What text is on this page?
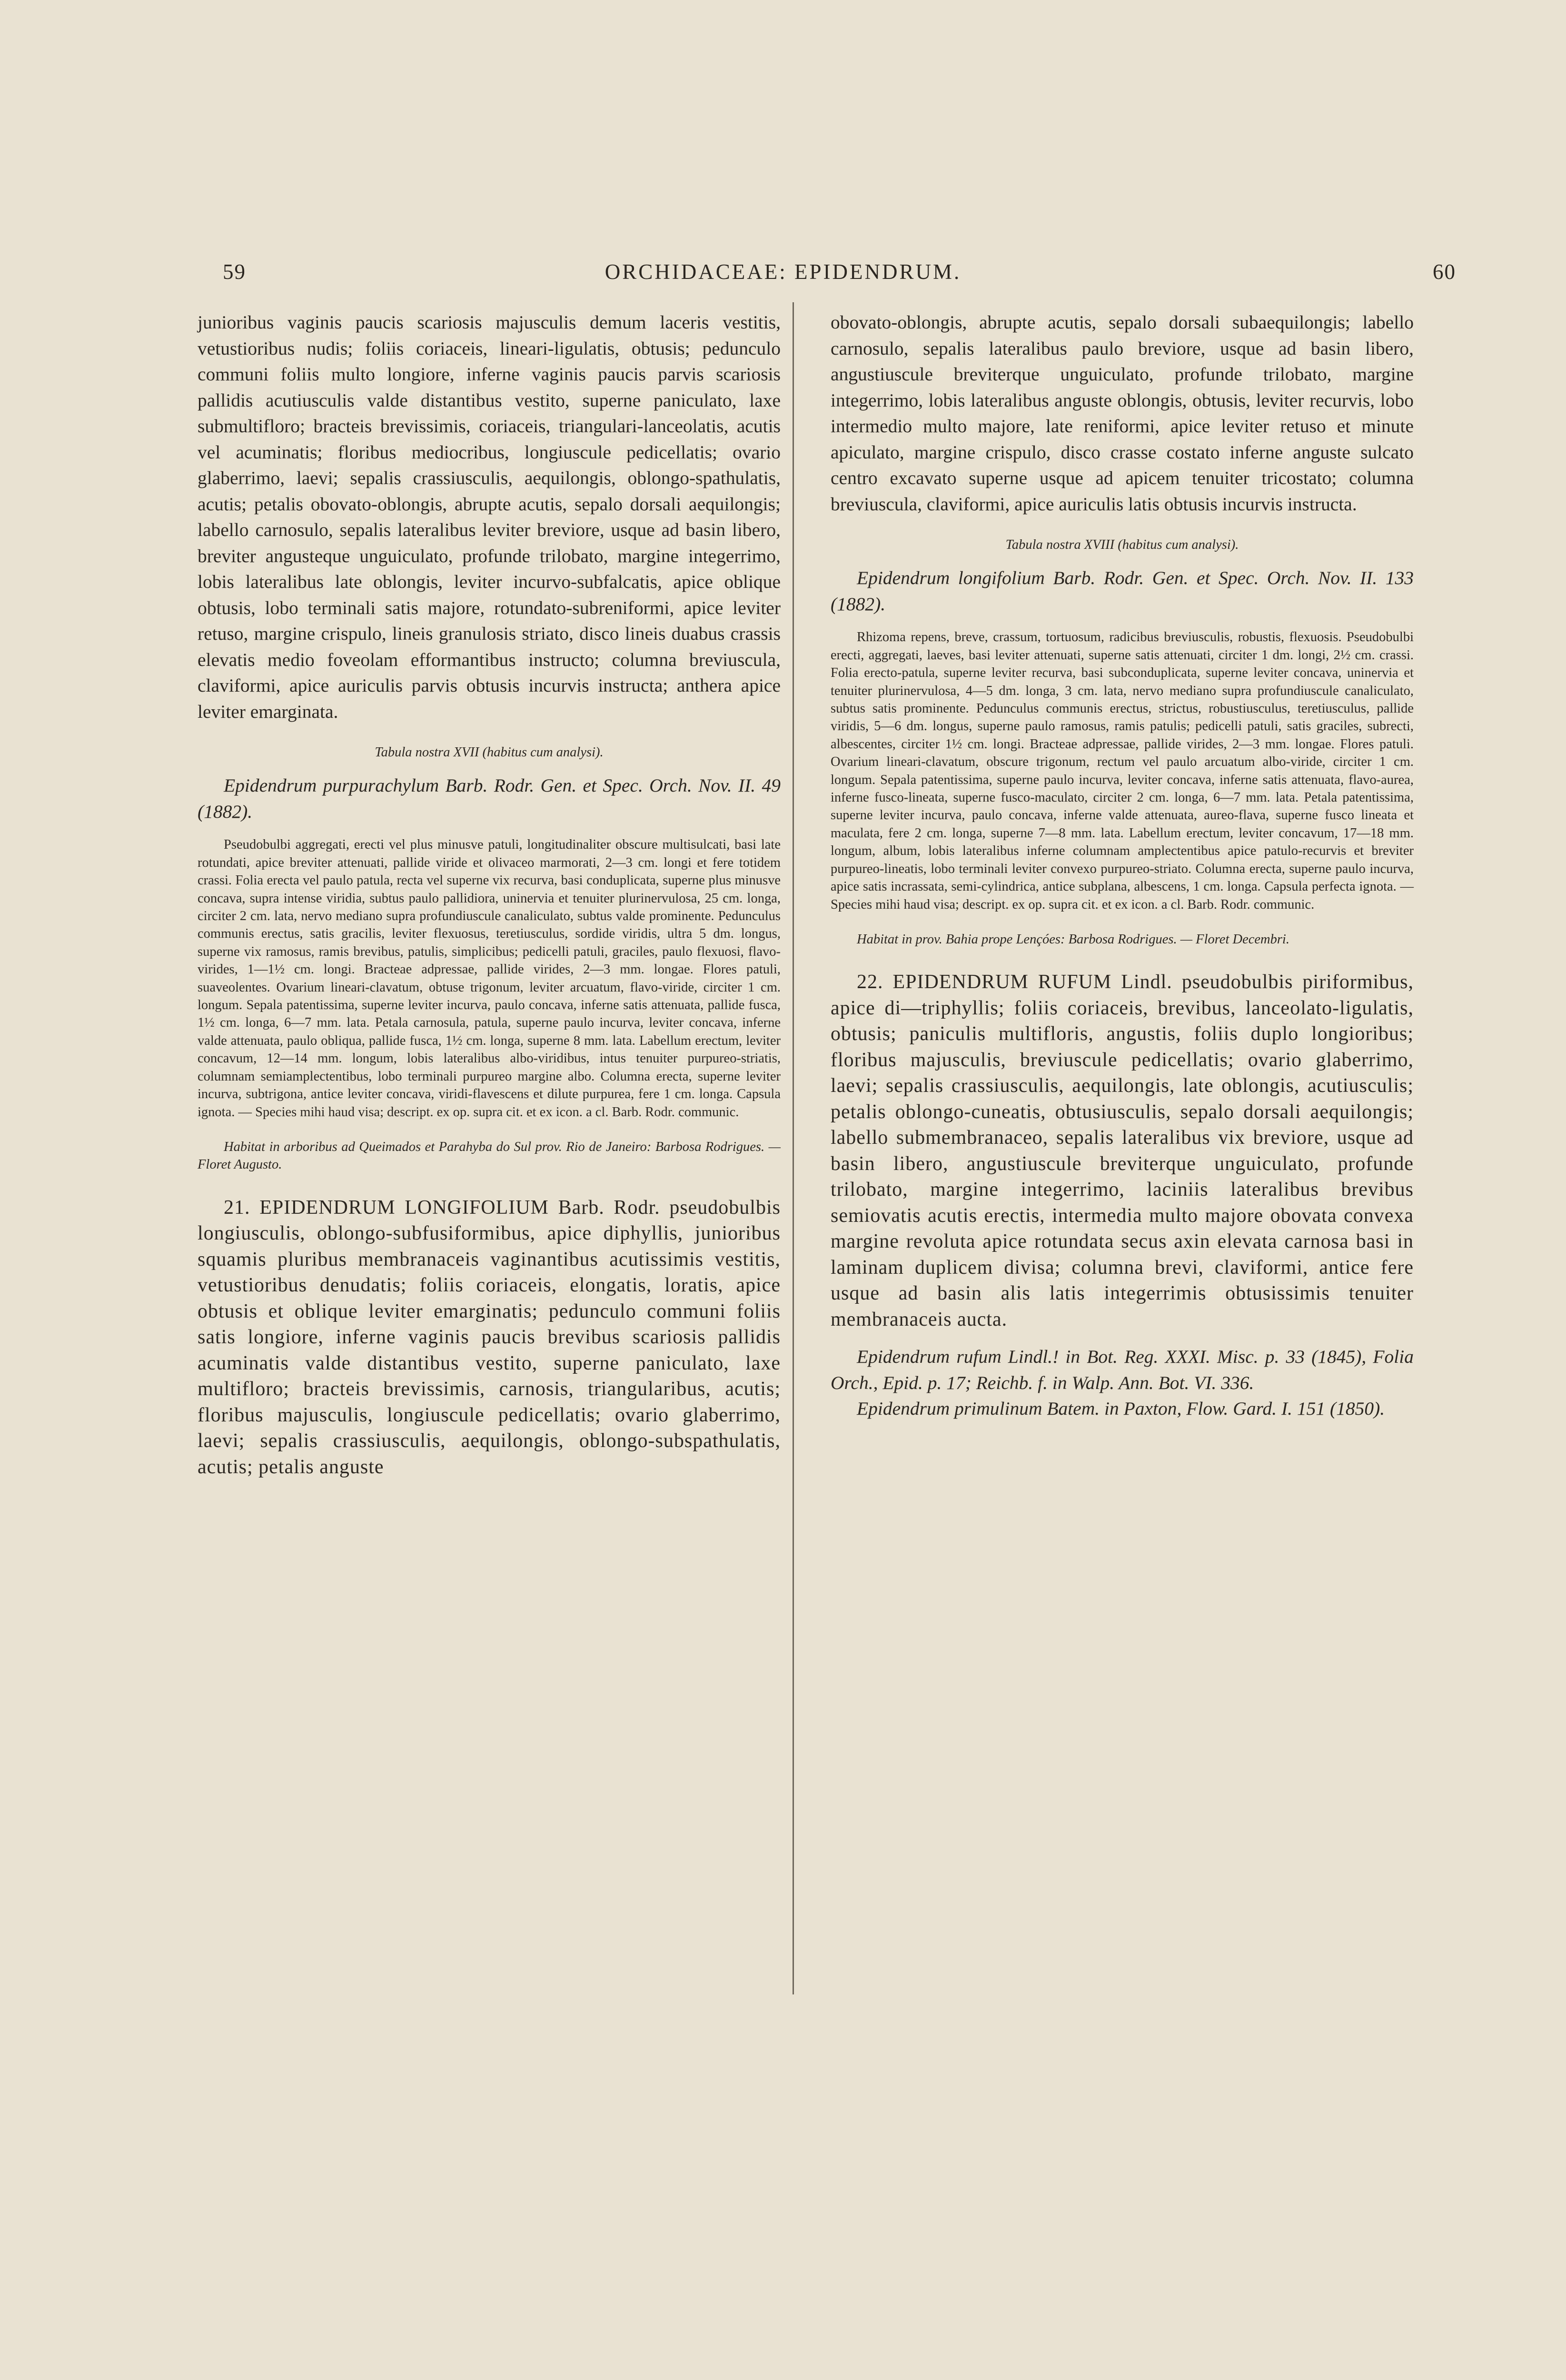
59	ORCHIDACEAE: EPIDENDRUM.	60

junioribus vaginis paucis scariosis majusculis demum laceris vestitis, vetustioribus nudis; foliis coriaceis, lineari-ligulatis, obtusis; pedunculo communi foliis multo longiore, inferne vaginis paucis parvis scariosis pallidis acutiusculis valde distantibus vestito, superne paniculato, laxe submultifloro; bracteis brevissimis, coriaceis, triangulari-lanceolatis, acutis vel acuminatis; floribus mediocribus, longiuscule pedicellatis; ovario glaberrimo, laevi; sepalis crassiusculis, aequilongis, oblongo-spathulatis, acutis; petalis obovato-oblongis, abrupte acutis, sepalo dorsali aequilongis; labello carnosulo, sepalis lateralibus leviter breviore, usque ad basin libero, breviter angusteque unguiculato, profunde trilobato, margine integerrimo, lobis lateralibus late oblongis, leviter incurvo-subfalcatis, apice oblique obtusis, lobo terminali satis majore, rotundato-subreniformi, apice leviter retuso, margine crispulo, lineis granulosis striato, disco lineis duabus crassis elevatis medio foveolam efformantibus instructo; columna breviuscula, claviformi, apice auriculis parvis obtusis incurvis instructa; anthera apice leviter emarginata.

Tabula nostra XVII (habitus cum analysi).

Epidendrum purpurachylum Barb. Rodr. Gen. et Spec. Orch. Nov. II. 49 (1882).

Pseudobulbi aggregati, erecti vel plus minusve patuli, longitudinaliter obscure multisulcati, basi late rotundati, apice breviter attenuati, pallide viride et olivaceo marmorati, 2—3 cm. longi et fere totidem crassi. Folia erecta vel paulo patula, recta vel superne vix recurva, basi conduplicata, superne plus minusve concava, supra intense viridia, subtus paulo pallidiora, uninervia et tenuiter plurinervulosa, 25 cm. longa, circiter 2 cm. lata, nervo mediano supra profundiuscule canaliculato, subtus valde prominente. Pedunculus communis erectus, satis gracilis, leviter flexuosus, teretiusculus, sordide viridis, ultra 5 dm. longus, superne vix ramosus, ramis brevibus, patulis, simplicibus; pedicelli patuli, graciles, paulo flexuosi, flavo-virides, 1—1½ cm. longi. Bracteae adpressae, pallide virides, 2—3 mm. longae. Flores patuli, suaveolentes. Ovarium lineari-clavatum, obtuse trigonum, leviter arcuatum, flavo-viride, circiter 1 cm. longum. Sepala patentissima, superne leviter incurva, paulo concava, inferne satis attenuata, pallide fusca, 1½ cm. longa, 6—7 mm. lata. Petala carnosula, patula, superne paulo incurva, leviter concava, inferne valde attenuata, paulo obliqua, pallide fusca, 1½ cm. longa, superne 8 mm. lata. Labellum erectum, leviter concavum, 12—14 mm. longum, lobis lateralibus albo-viridibus, intus tenuiter purpureo-striatis, columnam semiamplectentibus, lobo terminali purpureo margine albo. Columna erecta, superne leviter incurva, subtrigona, antice leviter concava, viridi-flavescens et dilute purpurea, fere 1 cm. longa. Capsula ignota. — Species mihi haud visa; descript. ex op. supra cit. et ex icon. a cl. Barb. Rodr. communic.

Habitat in arboribus ad Queimados et Parahyba do Sul prov. Rio de Janeiro: Barbosa Rodrigues. — Floret Augusto.

21. EPIDENDRUM LONGIFOLIUM Barb. Rodr. pseudobulbis longiusculis, oblongo-subfusiformibus, apice diphyllis, junioribus squamis pluribus membranaceis vaginantibus acutissimis vestitis, vetustioribus denudatis; foliis coriaceis, elongatis, loratis, apice obtusis et oblique leviter emarginatis; pedunculo communi foliis satis longiore, inferne vaginis paucis brevibus scariosis pallidis acuminatis valde distantibus vestito, superne paniculato, laxe multifloro; bracteis brevissimis, carnosis, triangularibus, acutis; floribus majusculis, longiuscule pedicellatis; ovario glaberrimo, laevi; sepalis crassiusculis, aequilongis, oblongo-subspathulatis, acutis; petalis anguste

obovato-oblongis, abrupte acutis, sepalo dorsali subaequilongis; labello carnosulo, sepalis lateralibus paulo breviore, usque ad basin libero, angustiuscule breviterque unguiculato, profunde trilobato, margine integerrimo, lobis lateralibus anguste oblongis, obtusis, leviter recurvis, lobo intermedio multo majore, late reniformi, apice leviter retuso et minute apiculato, margine crispulo, disco crasse costato inferne anguste sulcato centro excavato superne usque ad apicem tenuiter tricostato; columna breviuscula, claviformi, apice auriculis latis obtusis incurvis instructa.

Tabula nostra XVIII (habitus cum analysi).

Epidendrum longifolium Barb. Rodr. Gen. et Spec. Orch. Nov. II. 133 (1882).

Rhizoma repens, breve, crassum, tortuosum, radicibus breviusculis, robustis, flexuosis. Pseudobulbi erecti, aggregati, laeves, basi leviter attenuati, superne satis attenuati, circiter 1 dm. longi, 2½ cm. crassi. Folia erecto-patula, superne leviter recurva, basi subconduplicata, superne leviter concava, uninervia et tenuiter plurinervulosa, 4—5 dm. longa, 3 cm. lata, nervo mediano supra profundiuscule canaliculato, subtus satis prominente. Pedunculus communis erectus, strictus, robustiusculus, teretiusculus, pallide viridis, 5—6 dm. longus, superne paulo ramosus, ramis patulis; pedicelli patuli, satis graciles, subrecti, albescentes, circiter 1½ cm. longi. Bracteae adpressae, pallide virides, 2—3 mm. longae. Flores patuli. Ovarium lineari-clavatum, obscure trigonum, rectum vel paulo arcuatum albo-viride, circiter 1 cm. longum. Sepala patentissima, superne paulo incurva, leviter concava, inferne satis attenuata, flavo-aurea, inferne fusco-lineata, superne fusco-maculato, circiter 2 cm. longa, 6—7 mm. lata. Petala patentissima, superne leviter incurva, paulo concava, inferne valde attenuata, aureo-flava, superne fusco lineata et maculata, fere 2 cm. longa, superne 7—8 mm. lata. Labellum erectum, leviter concavum, 17—18 mm. longum, album, lobis lateralibus inferne columnam amplectentibus apice patulo-recurvis et breviter purpureo-lineatis, lobo terminali leviter convexo purpureo-striato. Columna erecta, superne paulo incurva, apice satis incrassata, semi-cylindrica, antice subplana, albescens, 1 cm. longa. Capsula perfecta ignota. — Species mihi haud visa; descript. ex op. supra cit. et ex icon. a cl. Barb. Rodr. communic.

Habitat in prov. Bahia prope Lençóes: Barbosa Rodrigues. — Floret Decembri.

22. EPIDENDRUM RUFUM Lindl. pseudobulbis piriformibus, apice di—triphyllis; foliis coriaceis, brevibus, lanceolato-ligulatis, obtusis; paniculis multifloris, angustis, foliis duplo longioribus; floribus majusculis, breviuscule pedicellatis; ovario glaberrimo, laevi; sepalis crassiusculis, aequilongis, late oblongis, acutiusculis; petalis oblongo-cuneatis, obtusiusculis, sepalo dorsali aequilongis; labello submembranaceo, sepalis lateralibus vix breviore, usque ad basin libero, angustiuscule breviterque unguiculato, profunde trilobato, margine integerrimo, laciniis lateralibus brevibus semiovatis acutis erectis, intermedia multo majore obovata convexa margine revoluta apice rotundata secus axin elevata carnosa basi in laminam duplicem divisa; columna brevi, claviformi, antice fere usque ad basin alis latis integerrimis obtusissimis tenuiter membranaceis aucta.

Epidendrum rufum Lindl.! in Bot. Reg. XXXI. Misc. p. 33 (1845), Folia Orch., Epid. p. 17; Reichb. f. in Walp. Ann. Bot. VI. 336.

Epidendrum primulinum Batem. in Paxton, Flow. Gard. I. 151 (1850).
